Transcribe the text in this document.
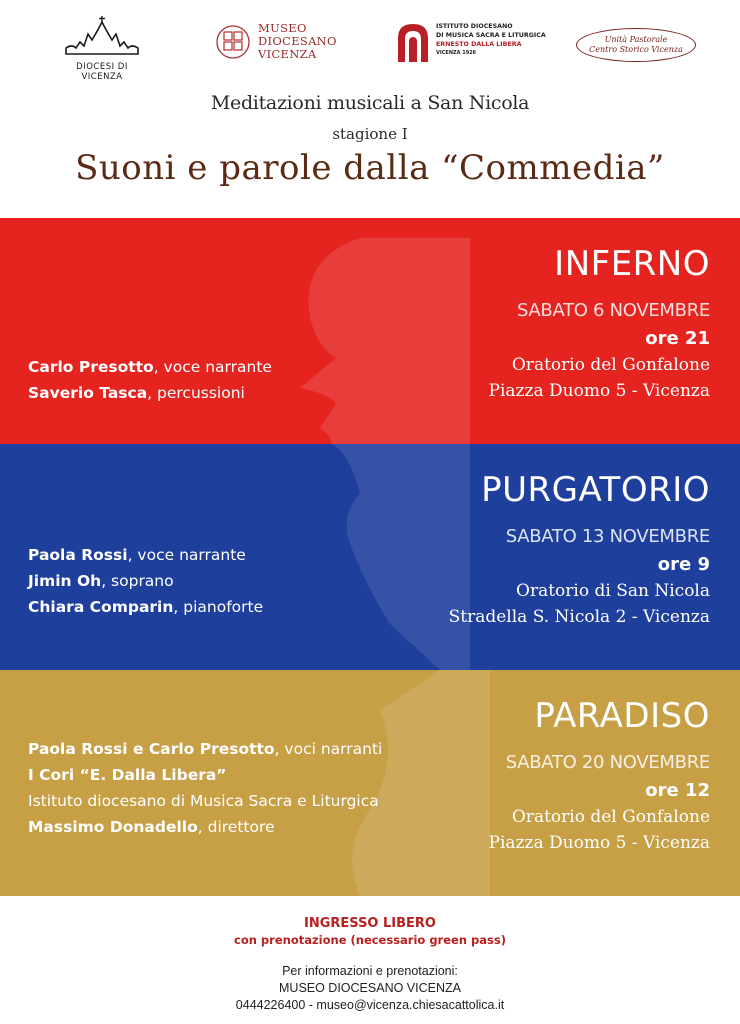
DIOCESI DI VICENZA
MUSEO
DIOCESANO
VICENZA
ISTITUTO DIOCESANO
DI MUSICA SACRA E LITURGICA
ERNESTO DALLA LIBERA
VICENZA 1926
Unità Pastorale
Centro Storico Vicenza
Meditazioni musicali a San Nicola
stagione I
Suoni e parole dalla “Commedia”
INFERNO
SABATO 6 NOVEMBRE
ore 21
Oratorio del Gonfalone
Piazza Duomo 5 - Vicenza
Carlo Presotto, voce narrante
Saverio Tasca, percussioni
PURGATORIO
SABATO 13 NOVEMBRE
ore 9
Oratorio di San Nicola
Stradella S. Nicola 2 - Vicenza
Paola Rossi, voce narrante
Jimin Oh, soprano
Chiara Comparin, pianoforte
PARADISO
SABATO 20 NOVEMBRE
ore 12
Oratorio del Gonfalone
Piazza Duomo 5 - Vicenza
Paola Rossi e Carlo Presotto, voci narranti
I Cori “E. Dalla Libera”
Istituto diocesano di Musica Sacra e Liturgica
Massimo Donadello, direttore
INGRESSO LIBERO
con prenotazione (necessario green pass)
Per informazioni e prenotazioni:
MUSEO DIOCESANO VICENZA
0444226400 - museo@vicenza.chiesacattolica.it
